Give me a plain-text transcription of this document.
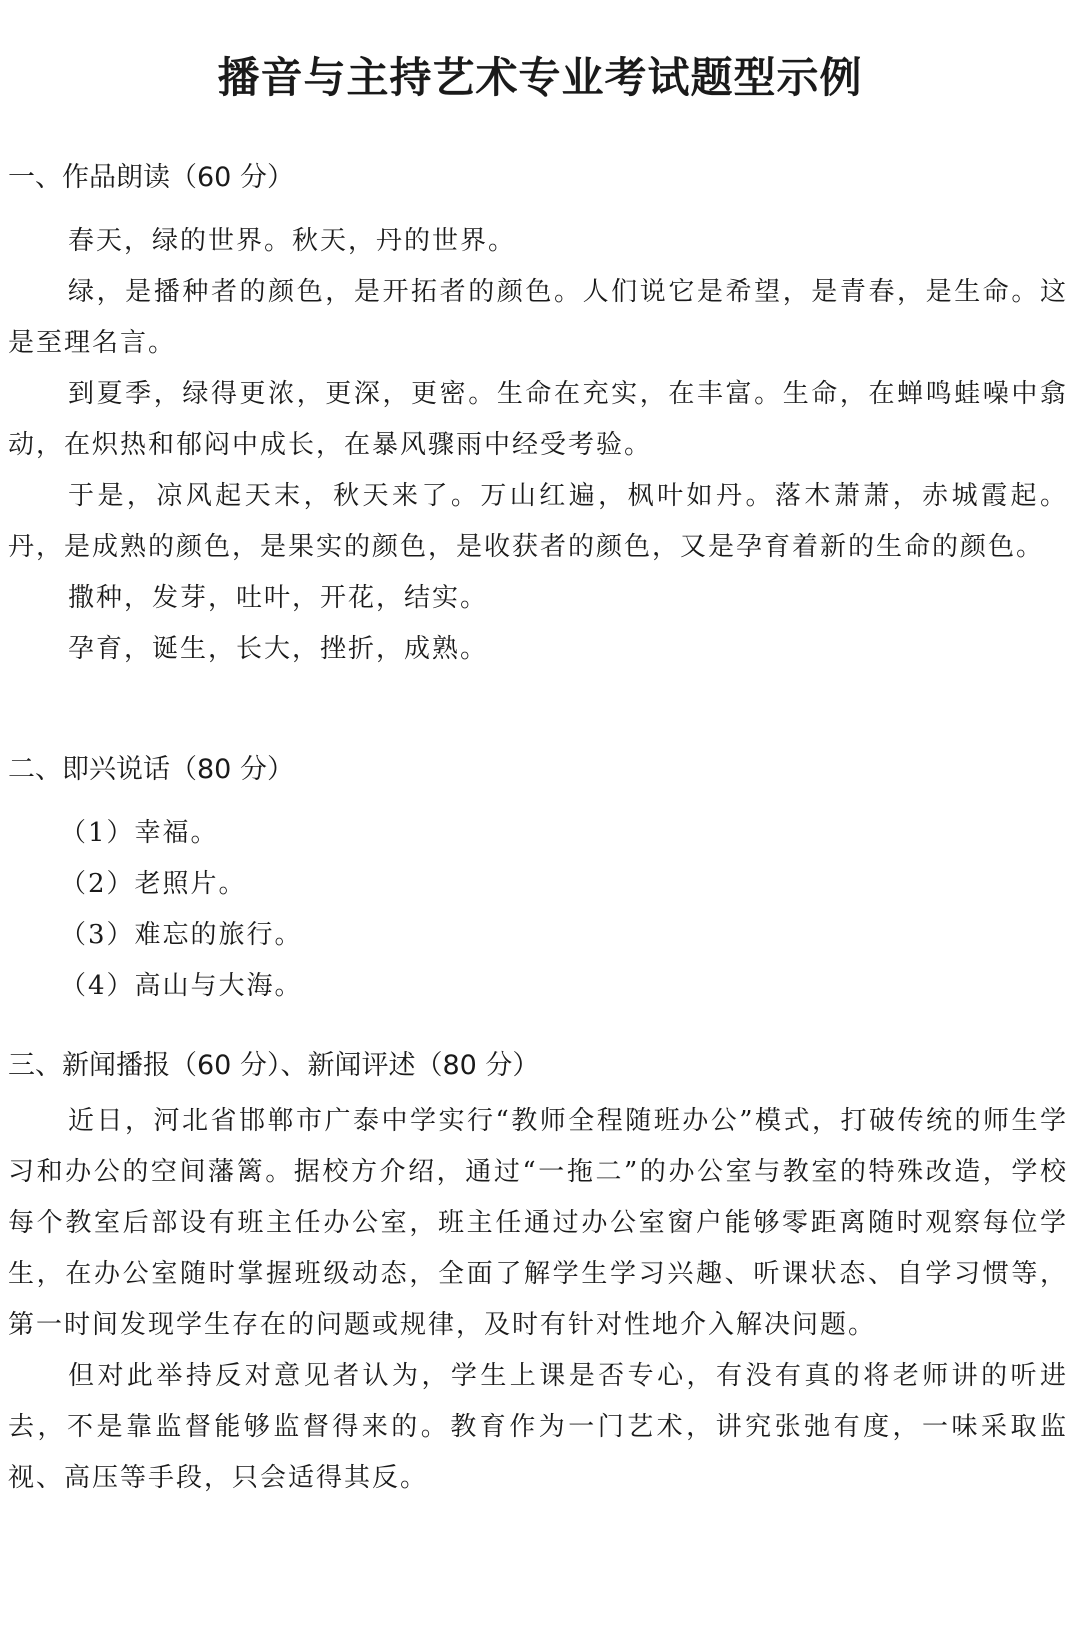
播音与主持艺术专业考试题型示例
一、作品朗读（60 分）

春天，绿的世界。秋天，丹的世界。

绿，是播种者的颜色，是开拓者的颜色。人们说它是希望，是青春，是生命。这是至理名言。

到夏季，绿得更浓，更深，更密。生命在充实，在丰富。生命，在蝉鸣蛙噪中翕动，在炽热和郁闷中成长，在暴风骤雨中经受考验。

于是，凉风起天末，秋天来了。万山红遍，枫叶如丹。落木萧萧，赤城霞起。丹，是成熟的颜色，是果实的颜色，是收获者的颜色，又是孕育着新的生命的颜色。

撒种，发芽，吐叶，开花，结实。

孕育，诞生，长大，挫折，成熟。

二、即兴说话（80 分）

（1）幸福。

（2）老照片。

（3）难忘的旅行。

（4）高山与大海。

三、新闻播报（60 分）、新闻评述（80 分）

近日，河北省邯郸市广泰中学实行“教师全程随班办公”模式，打破传统的师生学习和办公的空间藩篱。据校方介绍，通过“一拖二”的办公室与教室的特殊改造，学校每个教室后部设有班主任办公室，班主任通过办公室窗户能够零距离随时观察每位学生，在办公室随时掌握班级动态，全面了解学生学习兴趣、听课状态、自学习惯等，第一时间发现学生存在的问题或规律，及时有针对性地介入解决问题。

但对此举持反对意见者认为，学生上课是否专心，有没有真的将老师讲的听进去，不是靠监督能够监督得来的。教育作为一门艺术，讲究张弛有度，一味采取监视、高压等手段，只会适得其反。
